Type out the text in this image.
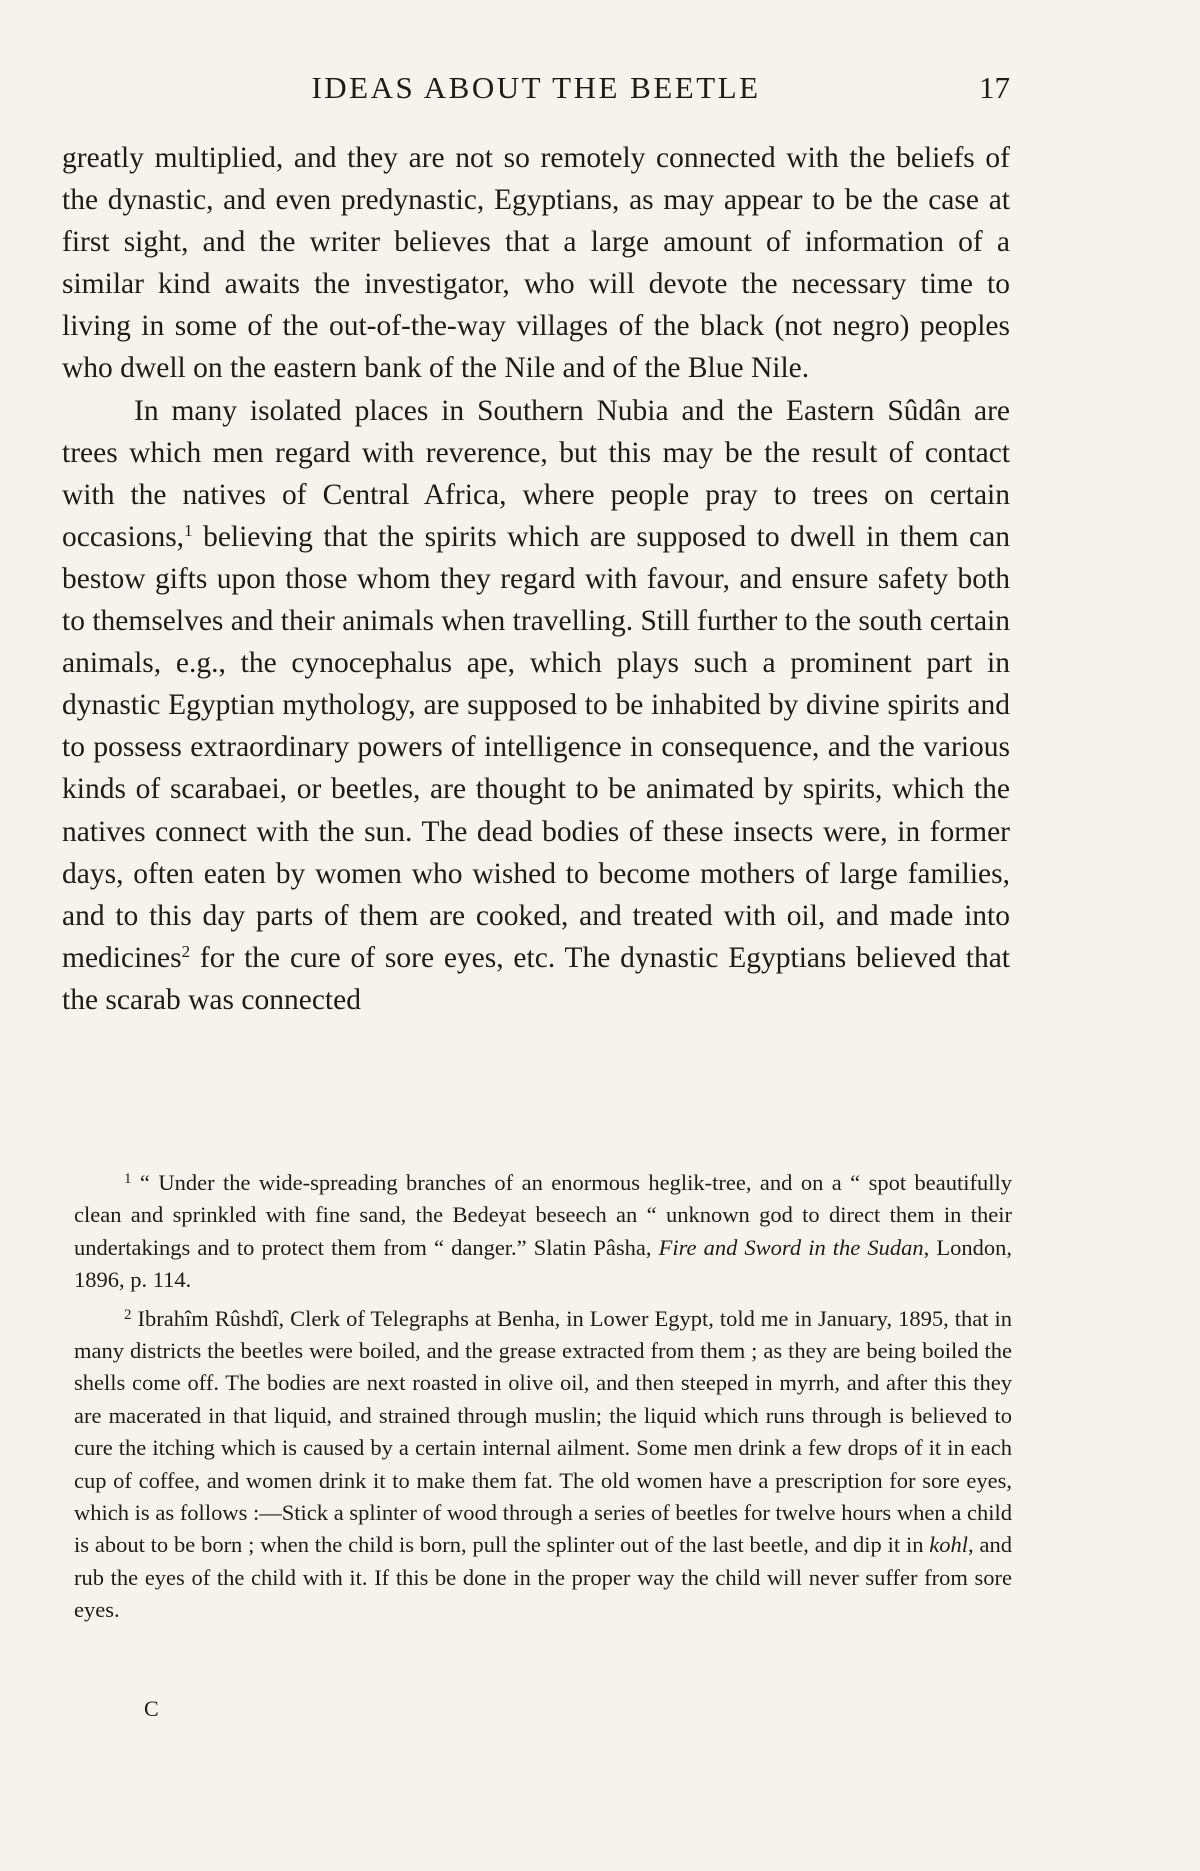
IDEAS ABOUT THE BEETLE	17

greatly multiplied, and they are not so remotely connected with the beliefs of the dynastic, and even predynastic, Egyptians, as may appear to be the case at first sight, and the writer believes that a large amount of information of a similar kind awaits the investigator, who will devote the necessary time to living in some of the out-of-the-way villages of the black (not negro) peoples who dwell on the eastern bank of the Nile and of the Blue Nile.

In many isolated places in Southern Nubia and the Eastern Sûdân are trees which men regard with reverence, but this may be the result of contact with the natives of Central Africa, where people pray to trees on certain occasions,$^1$ believing that the spirits which are supposed to dwell in them can bestow gifts upon those whom they regard with favour, and ensure safety both to themselves and their animals when travelling. Still further to the south certain animals, e.g., the cynocephalus ape, which plays such a prominent part in dynastic Egyptian mythology, are supposed to be inhabited by divine spirits and to possess extraordinary powers of intelligence in consequence, and the various kinds of scarabaei, or beetles, are thought to be animated by spirits, which the natives connect with the sun. The dead bodies of these insects were, in former days, often eaten by women who wished to become mothers of large families, and to this day parts of them are cooked, and treated with oil, and made into medicines$^2$ for the cure of sore eyes, etc. The dynastic Egyptians believed that the scarab was connected

$^1$ “ Under the wide-spreading branches of an enormous heglik-tree, and on a “ spot beautifully clean and sprinkled with fine sand, the Bedeyat beseech an “ unknown god to direct them in their undertakings and to protect them from “ danger.” Slatin Pâsha, Fire and Sword in the Sudan, London, 1896, p. 114.

$^2$ Ibrahîm Rûshdî, Clerk of Telegraphs at Benha, in Lower Egypt, told me in January, 1895, that in many districts the beetles were boiled, and the grease extracted from them ; as they are being boiled the shells come off. The bodies are next roasted in olive oil, and then steeped in myrrh, and after this they are macerated in that liquid, and strained through muslin; the liquid which runs through is believed to cure the itching which is caused by a certain internal ailment. Some men drink a few drops of it in each cup of coffee, and women drink it to make them fat. The old women have a prescription for sore eyes, which is as follows :—Stick a splinter of wood through a series of beetles for twelve hours when a child is about to be born ; when the child is born, pull the splinter out of the last beetle, and dip it in kohl, and rub the eyes of the child with it. If this be done in the proper way the child will never suffer from sore eyes.

C
